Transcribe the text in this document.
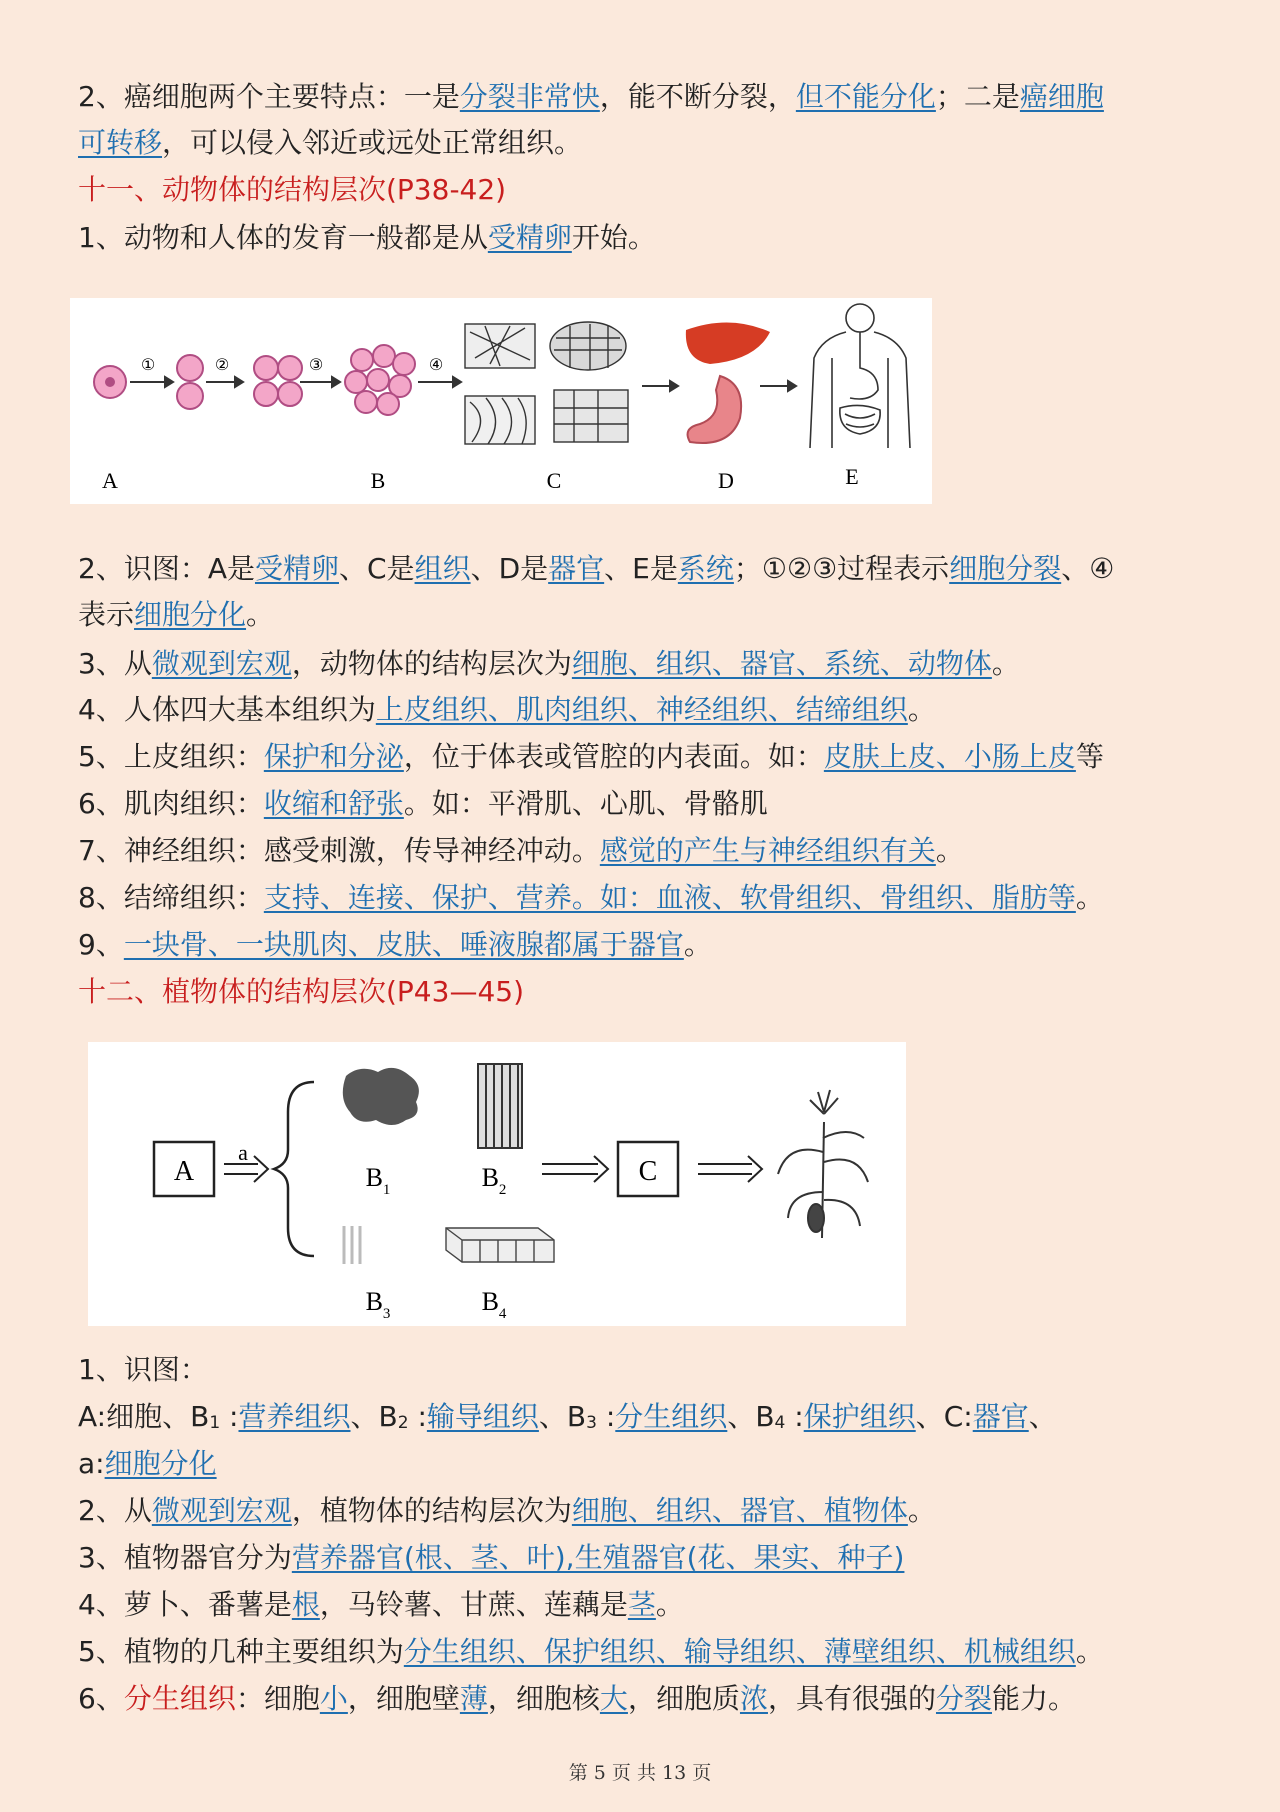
2、癌细胞两个主要特点：一是分裂非常快，能不断分裂，但不能分化；二是癌细胞
可转移，可以侵入邻近或远处正常组织。
十一、动物体的结构层次(P38-42)
1、动物和人体的发育一般都是从受精卵开始。
①	②	③	④
A	B	C	D	E
2、识图：A是受精卵、C是组织、D是器官、E是系统；①②③过程表示细胞分裂、④
表示细胞分化。
3、从微观到宏观，动物体的结构层次为细胞、组织、器官、系统、动物体。
4、人体四大基本组织为上皮组织、肌肉组织、神经组织、结缔组织。
5、上皮组织：保护和分泌，位于体表或管腔的内表面。如：皮肤上皮、小肠上皮等
6、肌肉组织：收缩和舒张。如：平滑肌、心肌、骨骼肌
7、神经组织：感受刺激，传导神经冲动。感觉的产生与神经组织有关。
8、结缔组织：支持、连接、保护、营养。如：血液、软骨组织、骨组织、脂肪等。
9、一块骨、一块肌肉、皮肤、唾液腺都属于器官。
十二、植物体的结构层次(P43—45)
A
a
$B_1$	$B_2$
$B_3$	$B_4$
C
1、识图：
A:细胞、B1 :营养组织、B2 :输导组织、B3 :分生组织、B4 :保护组织、C:器官、
a:细胞分化
2、从微观到宏观，植物体的结构层次为细胞、组织、器官、植物体。
3、植物器官分为营养器官(根、茎、叶),生殖器官(花、果实、种子)
4、萝卜、番薯是根，马铃薯、甘蔗、莲藕是茎。
5、植物的几种主要组织为分生组织、保护组织、输导组织、薄壁组织、机械组织。
6、分生组织：细胞小，细胞壁薄，细胞核大，细胞质浓，具有很强的分裂能力。
第 5 页 共 13 页
